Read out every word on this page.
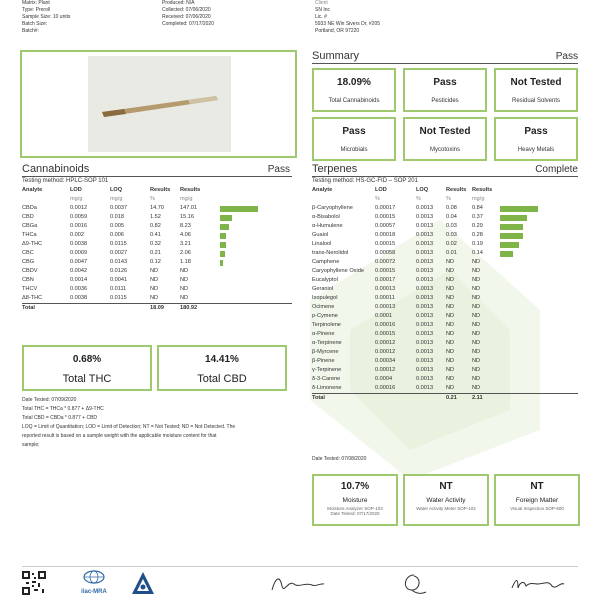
Matrix: Plant
Type: Preroll
Sample Size: 10 units
Batch Size:
Batch#:
Produced: N/A
Collected: 07/06/2020
Received: 07/06/2020
Completed: 07/17/2020
Client
SN Inc
Lic. #
5933 NE Win Sivers Dr, #205
Portland, OR 97220
Summary	Pass
18.09%
Total Cannabinoids
Pass
Pesticides
Not Tested
Residual Solvents
Pass
Microbials
Not Tested
Mycotoxins
Pass
Heavy Metals
Cannabinoids	Pass
Testing method: HPLC-SOP 101
Analyte	LOD	LOQ	Results	Results	
	mg/g	mg/g	%	mg/g	
CBDa	0.0012	0.0037	14.70	147.01	

CBD	0.0059	0.018	1.52	15.16	

CBGa	0.0016	0.005	0.82	8.23	

THCa	0.002	0.006	0.41	4.06	

Δ9-THC	0.0038	0.0115	0.32	3.21	

CBC	0.0009	0.0027	0.21	2.06	

CBG	0.0047	0.0143	0.12	1.18	

CBDV	0.0042	0.0126	ND	ND	
CBN	0.0014	0.0041	ND	ND	
THCV	0.0036	0.0111	ND	ND	
Δ8-THC	0.0038	0.0115	ND	ND	
Total			18.09	180.92	
0.68%
Total THC
14.41%
Total CBD
Date Tested: 07/09/2020
Total THC = THCa * 0.877 + Δ9-THC
Total CBD = CBDa * 0.877 + CBD
LOQ = Limit of Quantitation; LOD = Limit of Detection; NT = Not Tested; ND = Not Detected. The
reported result is based on a sample weight with the applicable moisture content for that
sample;
Terpenes	Complete
Testing method: HS-GC-FID – SOP 201
Analyte	LOD	LOQ	Results	Results	
	%	%	%	mg/g	
β-Caryophyllene	0.00017	0.0013	0.08	0.84	

α-Bisabolol	0.00015	0.0013	0.04	0.37	

α-Humulene	0.00057	0.0013	0.03	0.29	

Guaiol	0.00018	0.0013	0.03	0.28	

Linalool	0.00015	0.0013	0.02	0.19	

trans-Nerolidol	0.00058	0.0013	0.01	0.14	

Camphene	0.00072	0.0013	ND	ND	
Caryophyllene Oxide	0.00015	0.0013	ND	ND	
Eucalyptol	0.00017	0.0013	ND	ND	
Geraniol	0.00013	0.0013	ND	ND	
Isopulegol	0.00011	0.0013	ND	ND	
Ocimene	0.00013	0.0013	ND	ND	
p-Cymene	0.0001	0.0013	ND	ND	
Terpinolene	0.00016	0.0013	ND	ND	
α-Pinene	0.00015	0.0013	ND	ND	
α-Terpinene	0.00012	0.0013	ND	ND	
β-Myrcene	0.00012	0.0013	ND	ND	
β-Pinene	0.00034	0.0013	ND	ND	
γ-Terpinene	0.00012	0.0013	ND	ND	
δ-3-Carene	0.0004	0.0013	ND	ND	
δ-Limonene	0.00016	0.0013	ND	ND	
Total			0.21	2.11	
Date Tested: 07/08/2020
10.7%
Moisture
Moisture Analyzer SOP-103
Date Tested: 07/17/2020
NT
Water Activity
Water Activity Meter SOP-102
NT
Foreign Matter
Visual Inspection SOP-600
ilac-MRA
